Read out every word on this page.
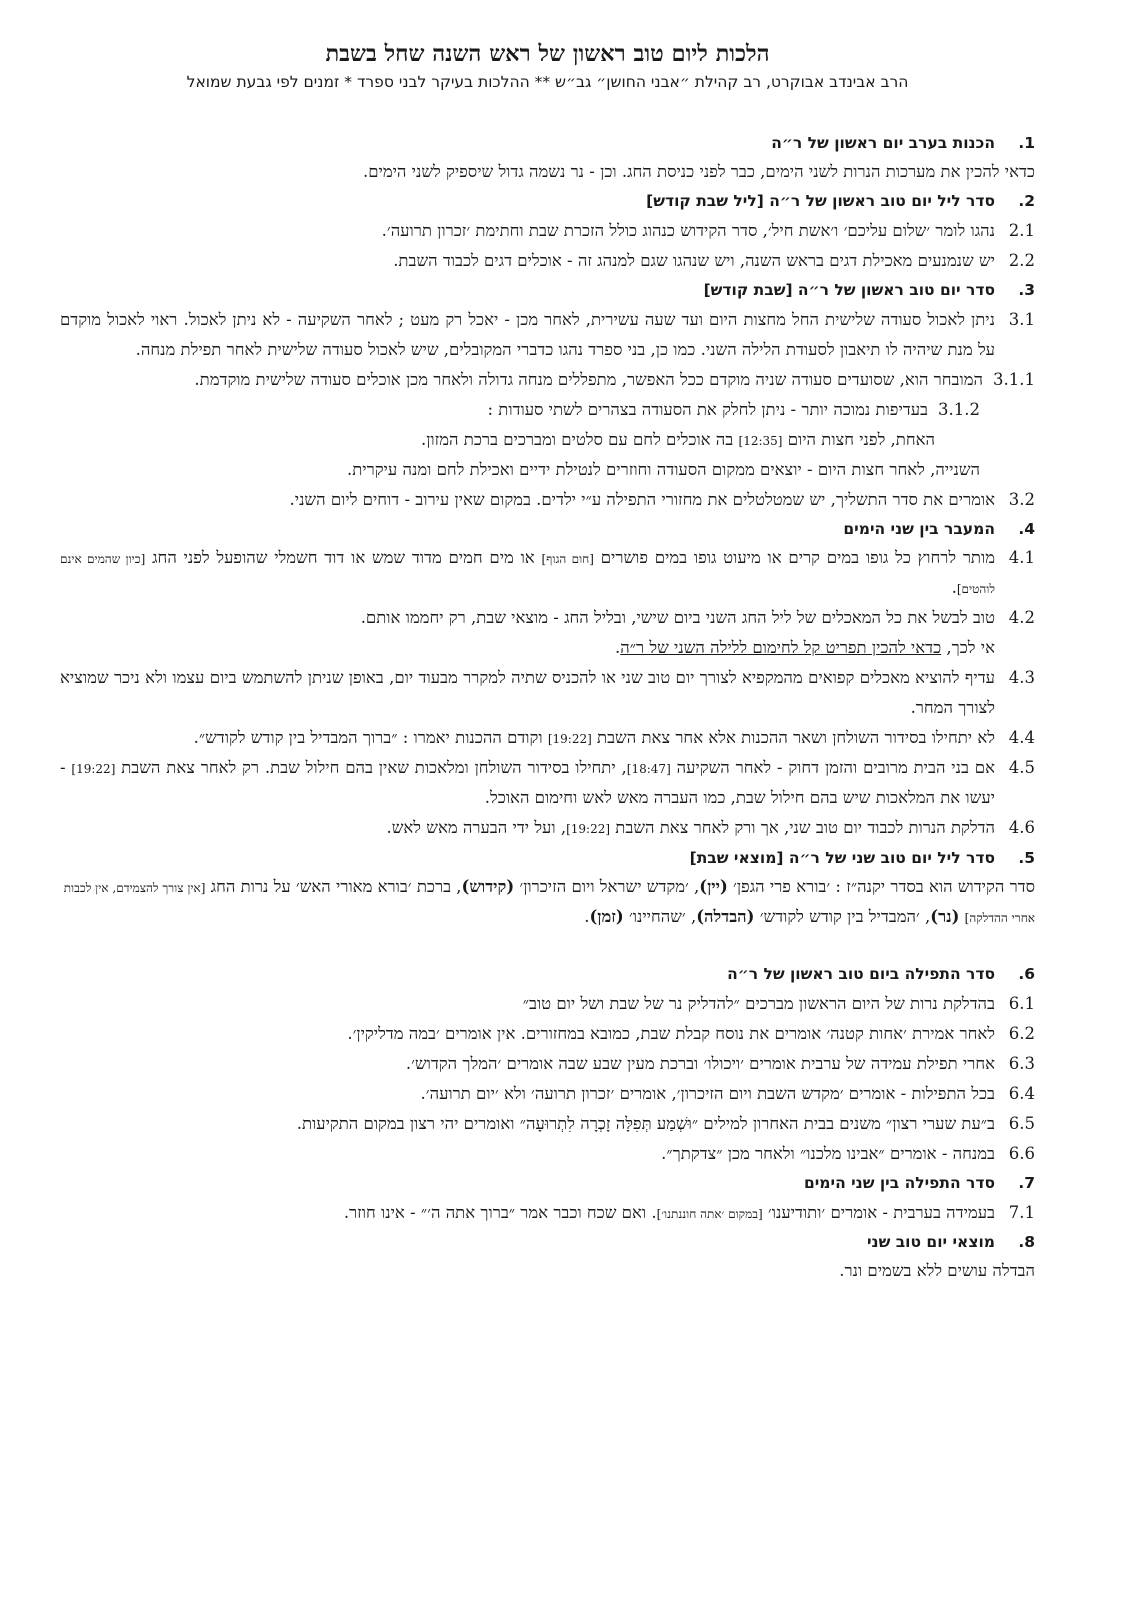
הלכות ליום טוב ראשון של ראש השנה שחל בשבת
הרב אבינדב אבוקרט, רב קהילת ״אבני החושן״ גב״ש ** ההלכות בעיקר לבני ספרד * זמנים לפי גבעת שמואל
1.
הכנות בערב יום ראשון של ר״ה

כדאי להכין את מערכות הנרות לשני הימים, כבר לפני כניסת החג. וכן - נר נשמה גדול שיספיק לשני הימים.

2.
סדר ליל יום טוב ראשון של ר״ה [ליל שבת קודש]
2.1
נהגו לומר ׳שלום עליכם׳ ו׳אשת חיל׳, סדר הקידוש כנהוג כולל הזכרת שבת וחתימת ׳זכרון תרועה׳.
2.2
יש שנמנעים מאכילת דגים בראש השנה, ויש שנהגו שגם למנהג זה - אוכלים דגים לכבוד השבת.
3.
סדר יום טוב ראשון של ר״ה [שבת קודש]
3.1
ניתן לאכול סעודה שלישית החל מחצות היום ועד שעה עשירית, לאחר מכן - יאכל רק מעט ; לאחר השקיעה - לא ניתן לאכול. ראוי לאכול מוקדם על מנת שיהיה לו תיאבון לסעודת הלילה השני. כמו כן, בני ספרד נהגו כדברי המקובלים, שיש לאכול סעודה שלישית לאחר תפילת מנחה.
3.1.1
המובחר הוא, שסועדים סעודה שניה מוקדם ככל האפשר, מתפללים מנחה גדולה ולאחר מכן אוכלים סעודה שלישית מוקדמת.
3.1.2
בעדיפות נמוכה יותר - ניתן לחלק את הסעודה בצהרים לשתי סעודות :
האחת, לפני חצות היום [12:35] בה אוכלים לחם עם סלטים ומברכים ברכת המזון.
השנייה, לאחר חצות היום - יוצאים ממקום הסעודה וחוזרים לנטילת ידיים ואכילת לחם ומנה עיקרית.
3.2
אומרים את סדר התשליך, יש שמטלטלים את מחזורי התפילה ע״י ילדים. במקום שאין עירוב - דוחים ליום השני.
4.
המעבר בין שני הימים
4.1
מותר לרחוץ כל גופו במים קרים או מיעוט גופו במים פושרים [חום הגוף] או מים חמים מדוד שמש או דוד חשמלי שהופעל לפני החג [כיון שהמים אינם לוהטים].
4.2
טוב לבשל את כל המאכלים של ליל החג השני ביום שישי, ובליל החג - מוצאי שבת, רק יחממו אותם.
אי לכך, כדאי להכין תפריט קל לחימום ללילה השני של ר״ה.
4.3
עדיף להוציא מאכלים קפואים מהמקפיא לצורך יום טוב שני או להכניס שתיה למקרר מבעוד יום, באופן שניתן להשתמש ביום עצמו ולא ניכר שמוציא לצורך המחר.
4.4
לא יתחילו בסידור השולחן ושאר ההכנות אלא אחר צאת השבת [19:22] וקודם ההכנות יאמרו : ״ברוך המבדיל בין קודש לקודש״.
4.5
אם בני הבית מרובים והזמן דחוק - לאחר השקיעה [18:47], יתחילו בסידור השולחן ומלאכות שאין בהם חילול שבת. רק לאחר צאת השבת [19:22] - יעשו את המלאכות שיש בהם חילול שבת, כמו העברה מאש לאש וחימום האוכל.
4.6
הדלקת הנרות לכבוד יום טוב שני, אך ורק לאחר צאת השבת [19:22], ועל ידי הבערה מאש לאש.
5.
סדר ליל יום טוב שני של ר״ה [מוצאי שבת]

סדר הקידוש הוא בסדר יקנה״ז : ׳בורא פרי הגפן׳ (יין), ׳מקדש ישראל ויום הזיכרון׳ (קידוש), ברכת ׳בורא מאורי האש׳ על נרות החג [אין צורך להצמידם, אין לכבות אחרי ההדלקה] (נר), ׳המבדיל בין קודש לקודש׳ (הבדלה), ׳שהחיינו׳ (זמן).

6.
סדר התפילה ביום טוב ראשון של ר״ה
6.1
בהדלקת נרות של היום הראשון מברכים ״להדליק נר של שבת ושל יום טוב״
6.2
לאחר אמירת ׳אחות קטנה׳ אומרים את נוסח קבלת שבת, כמובא במחזורים. אין אומרים ׳במה מדליקין׳.
6.3
אחרי תפילת עמידה של ערבית אומרים ׳ויכולו׳ וברכת מעין שבע שבה אומרים ׳המלך הקדוש׳.
6.4
בכל התפילות - אומרים ׳מקדש השבת ויום הזיכרון׳, אומרים ׳זכרון תרועה׳ ולא ׳יום תרועה׳.
6.5
ב״עת שערי רצון״ משנים בבית האחרון למילים ״וּשְׁמַע תְּפִלָּה זָכְרָה לִתְרוּעָה״ ואומרים יהי רצון במקום התקיעות.
6.6
במנחה - אומרים ״אבינו מלכנו״ ולאחר מכן ״צדקתך״.
7.
סדר התפילה בין שני הימים
7.1
בעמידה בערבית - אומרים ׳ותודיענו׳ [במקום ׳אתה חוננתנו׳]. ואם שכח וכבר אמר ״ברוך אתה ה׳״ - אינו חוזר.
8.
מוצאי יום טוב שני

הבדלה עושים ללא בשמים ונר.
